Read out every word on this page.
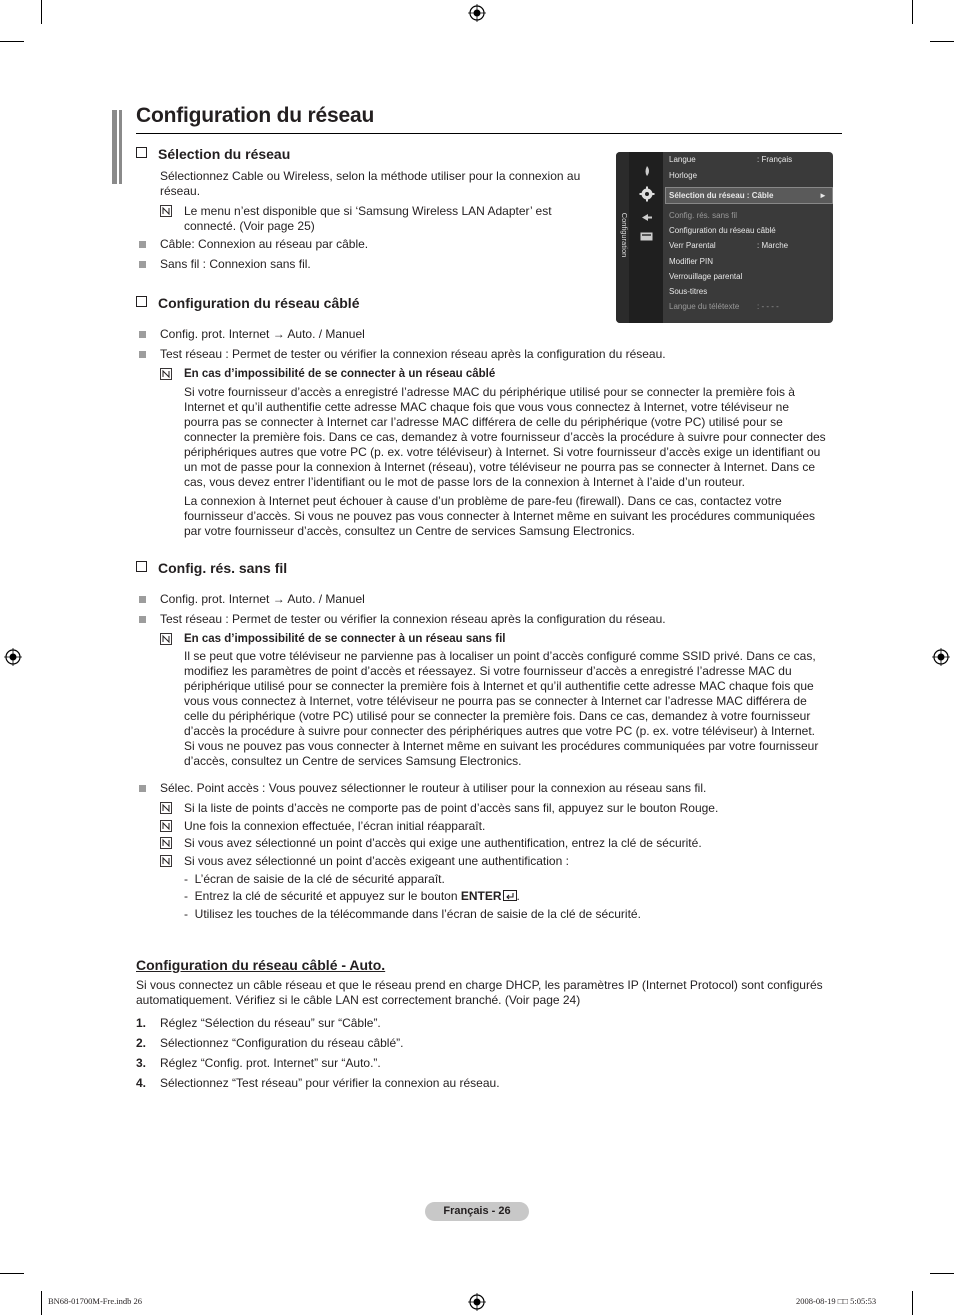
Configuration du réseau
Sélection du réseau
Sélectionnez Cable ou Wireless, selon la méthode utiliser pour la connexion au réseau.
Le menu n’est disponible que si ‘Samsung Wireless LAN Adapter’ est connecté. (Voir page 25)
Câble: Connexion au réseau par câble.
Sans fil : Connexion sans fil.
Configuration
Langue	: Français
Horloge
Sélection du réseau : Câble	►
Config. rés. sans fil
Configuration du réseau câblé
Verr Parental	: Marche
Modifier PIN
Verrouillage parental
Sous-titres
Langue du télétexte : - - - -
Configuration du réseau câblé
Config. prot. Internet → Auto. / Manuel
Test réseau : Permet de tester ou vérifier la connexion réseau après la configuration du réseau.
En cas d’impossibilité de se connecter à un réseau câblé
Si votre fournisseur d’accès a enregistré l’adresse MAC du périphérique utilisé pour se connecter la première fois à
Internet et qu’il authentifie cette adresse MAC chaque fois que vous vous connectez à Internet, votre téléviseur ne
pourra pas se connecter à Internet car l’adresse MAC différera de celle du périphérique (votre PC) utilisé pour se
connecter la première fois. Dans ce cas, demandez à votre fournisseur d’accès la procédure à suivre pour connecter des
périphériques autres que votre PC (p. ex. votre téléviseur) à Internet. Si votre fournisseur d’accès exige un identifiant ou
un mot de passe pour la connexion à Internet (réseau), votre téléviseur ne pourra pas se connecter à Internet. Dans ce
cas, vous devez entrer l’identifiant ou le mot de passe lors de la connexion à Internet à l’aide d’un routeur.
La connexion à Internet peut échouer à cause d’un problème de pare-feu (firewall). Dans ce cas, contactez votre
fournisseur d’accès. Si vous ne pouvez pas vous connecter à Internet même en suivant les procédures communiquées
par votre fournisseur d’accès, consultez un Centre de services Samsung Electronics.
Config. rés. sans fil
Config. prot. Internet → Auto. / Manuel
Test réseau : Permet de tester ou vérifier la connexion réseau après la configuration du réseau.
En cas d’impossibilité de se connecter à un réseau sans fil
Il se peut que votre téléviseur ne parvienne pas à localiser un point d’accès configuré comme SSID privé. Dans ce cas,
modifiez les paramètres de point d’accès et réessayez. Si votre fournisseur d’accès a enregistré l’adresse MAC du
périphérique utilisé pour se connecter la première fois à Internet et qu’il authentifie cette adresse MAC chaque fois que
vous vous connectez à Internet, votre téléviseur ne pourra pas se connecter à Internet car l’adresse MAC différera de
celle du périphérique (votre PC) utilisé pour se connecter la première fois. Dans ce cas, demandez à votre fournisseur
d’accès la procédure à suivre pour connecter des périphériques autres que votre PC (p. ex. votre téléviseur) à Internet.
Si vous ne pouvez pas vous connecter à Internet même en suivant les procédures communiquées par votre fournisseur
d’accès, consultez un Centre de services Samsung Electronics.
Sélec. Point accès : Vous pouvez sélectionner le routeur à utiliser pour la connexion au réseau sans fil.
Si la liste de points d’accès ne comporte pas de point d’accès sans fil, appuyez sur le bouton Rouge.
Une fois la connexion effectuée, l’écran initial réapparaît.
Si vous avez sélectionné un point d’accès qui exige une authentification, entrez la clé de sécurité.
Si vous avez sélectionné un point d’accès exigeant une authentification :
-  L’écran de saisie de la clé de sécurité apparaît.
-  Entrez la clé de sécurité et appuyez sur le bouton ENTER .
-  Utilisez les touches de la télécommande dans l’écran de saisie de la clé de sécurité.
Configuration du réseau câblé - Auto.
Si vous connectez un câble réseau et que le réseau prend en charge DHCP, les paramètres IP (Internet Protocol) sont configurés
automatiquement. Vérifiez si le câble LAN est correctement branché. (Voir page 24)
1. Réglez “Sélection du réseau” sur “Câble”.
2. Sélectionnez “Configuration du réseau câblé”.
3. Réglez “Config. prot. Internet” sur “Auto.”.
4. Sélectionnez “Test réseau” pour vérifier la connexion au réseau.
Français - 26
BN68-01700M-Fre.indb 26	2008-08-19 □□ 5:05:53
